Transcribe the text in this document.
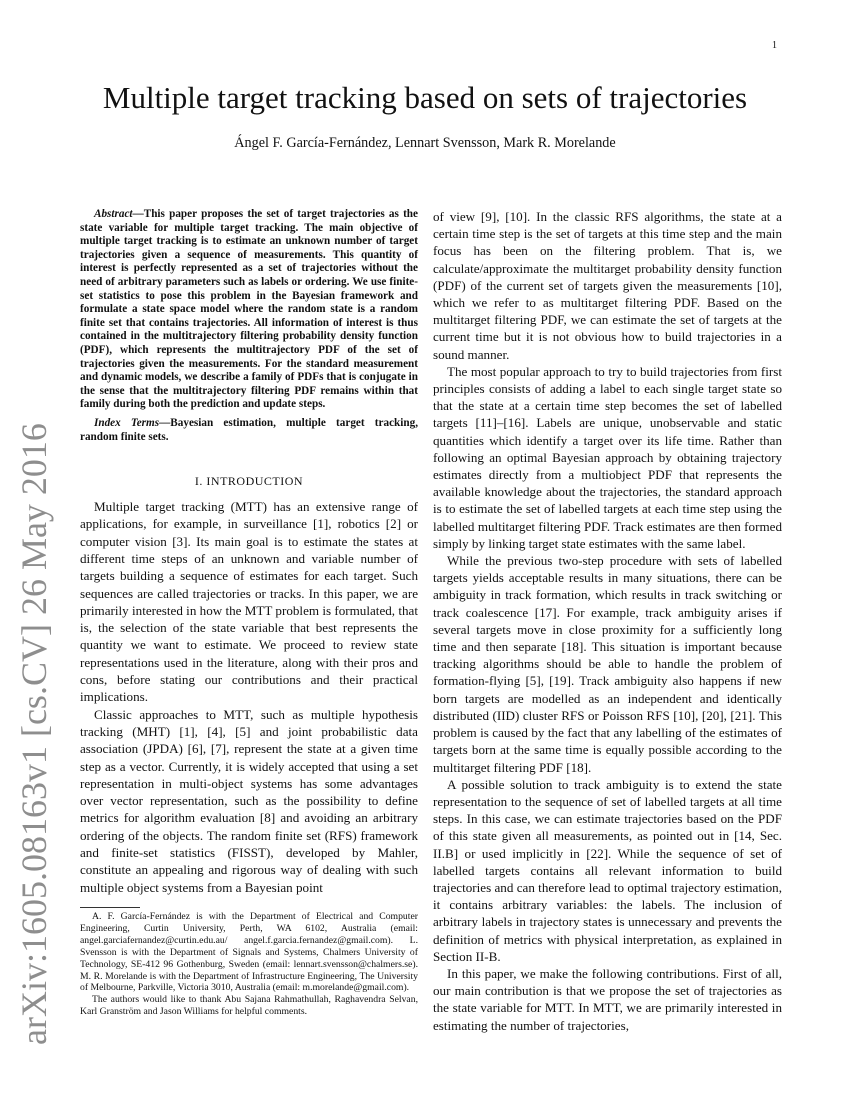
1
arXiv:1605.08163v1 [cs.CV] 26 May 2016
Multiple target tracking based on sets of trajectories
Ángel F. García-Fernández, Lennart Svensson, Mark R. Morelande

Abstract—This paper proposes the set of target trajectories as the state variable for multiple target tracking. The main objective of multiple target tracking is to estimate an unknown number of target trajectories given a sequence of measurements. This quantity of interest is perfectly represented as a set of trajectories without the need of arbitrary parameters such as labels or ordering. We use finite-set statistics to pose this problem in the Bayesian framework and formulate a state space model where the random state is a random finite set that contains trajectories. All information of interest is thus contained in the multitrajectory filtering probability density function (PDF), which represents the multitrajectory PDF of the set of trajectories given the measurements. For the standard measurement and dynamic models, we describe a family of PDFs that is conjugate in the sense that the multitrajectory filtering PDF remains within that family during both the prediction and update steps.

Index Terms—Bayesian estimation, multiple target tracking, random finite sets.

I. INTRODUCTION

Multiple target tracking (MTT) has an extensive range of applications, for example, in surveillance [1], robotics [2] or computer vision [3]. Its main goal is to estimate the states at different time steps of an unknown and variable number of targets building a sequence of estimates for each target. Such sequences are called trajectories or tracks. In this paper, we are primarily interested in how the MTT problem is formulated, that is, the selection of the state variable that best represents the quantity we want to estimate. We proceed to review state representations used in the literature, along with their pros and cons, before stating our contributions and their practical implications.

Classic approaches to MTT, such as multiple hypothesis tracking (MHT) [1], [4], [5] and joint probabilistic data association (JPDA) [6], [7], represent the state at a given time step as a vector. Currently, it is widely accepted that using a set representation in multi-object systems has some advantages over vector representation, such as the possibility to define metrics for algorithm evaluation [8] and avoiding an arbitrary ordering of the objects. The random finite set (RFS) framework and finite-set statistics (FISST), developed by Mahler, constitute an appealing and rigorous way of dealing with such multiple object systems from a Bayesian point

of view [9], [10]. In the classic RFS algorithms, the state at a certain time step is the set of targets at this time step and the main focus has been on the filtering problem. That is, we calculate/approximate the multitarget probability density function (PDF) of the current set of targets given the measurements [10], which we refer to as multitarget filtering PDF. Based on the multitarget filtering PDF, we can estimate the set of targets at the current time but it is not obvious how to build trajectories in a sound manner.

The most popular approach to try to build trajectories from first principles consists of adding a label to each single target state so that the state at a certain time step becomes the set of labelled targets [11]–[16]. Labels are unique, unobservable and static quantities which identify a target over its life time. Rather than following an optimal Bayesian approach by obtaining trajectory estimates directly from a multiobject PDF that represents the available knowledge about the trajectories, the standard approach is to estimate the set of labelled targets at each time step using the labelled multitarget filtering PDF. Track estimates are then formed simply by linking target state estimates with the same label.

While the previous two-step procedure with sets of labelled targets yields acceptable results in many situations, there can be ambiguity in track formation, which results in track switching or track coalescence [17]. For example, track ambiguity arises if several targets move in close proximity for a sufficiently long time and then separate [18]. This situation is important because tracking algorithms should be able to handle the problem of formation-flying [5], [19]. Track ambiguity also happens if new born targets are modelled as an independent and identically distributed (IID) cluster RFS or Poisson RFS [10], [20], [21]. This problem is caused by the fact that any labelling of the estimates of targets born at the same time is equally possible according to the multitarget filtering PDF [18].

A possible solution to track ambiguity is to extend the state representation to the sequence of set of labelled targets at all time steps. In this case, we can estimate trajectories based on the PDF of this state given all measurements, as pointed out in [14, Sec. II.B] or used implicitly in [22]. While the sequence of set of labelled targets contains all relevant information to build trajectories and can therefore lead to optimal trajectory estimation, it contains arbitrary variables: the labels. The inclusion of arbitrary labels in trajectory states is unnecessary and prevents the definition of metrics with physical interpretation, as explained in Section II-B.

In this paper, we make the following contributions. First of all, our main contribution is that we propose the set of trajectories as the state variable for MTT. In MTT, we are primarily interested in estimating the number of trajectories,

A. F. García-Fernández is with the Department of Electrical and Computer Engineering, Curtin University, Perth, WA 6102, Australia (email: angel.garciafernandez@curtin.edu.au/ angel.f.garcia.fernandez@gmail.com). L. Svensson is with the Department of Signals and Systems, Chalmers University of Technology, SE-412 96 Gothenburg, Sweden (email: lennart.svensson@chalmers.se). M. R. Morelande is with the Department of Infrastructure Engineering, The University of Melbourne, Parkville, Victoria 3010, Australia (email: m.morelande@gmail.com).

The authors would like to thank Abu Sajana Rahmathullah, Raghavendra Selvan, Karl Granström and Jason Williams for helpful comments.
